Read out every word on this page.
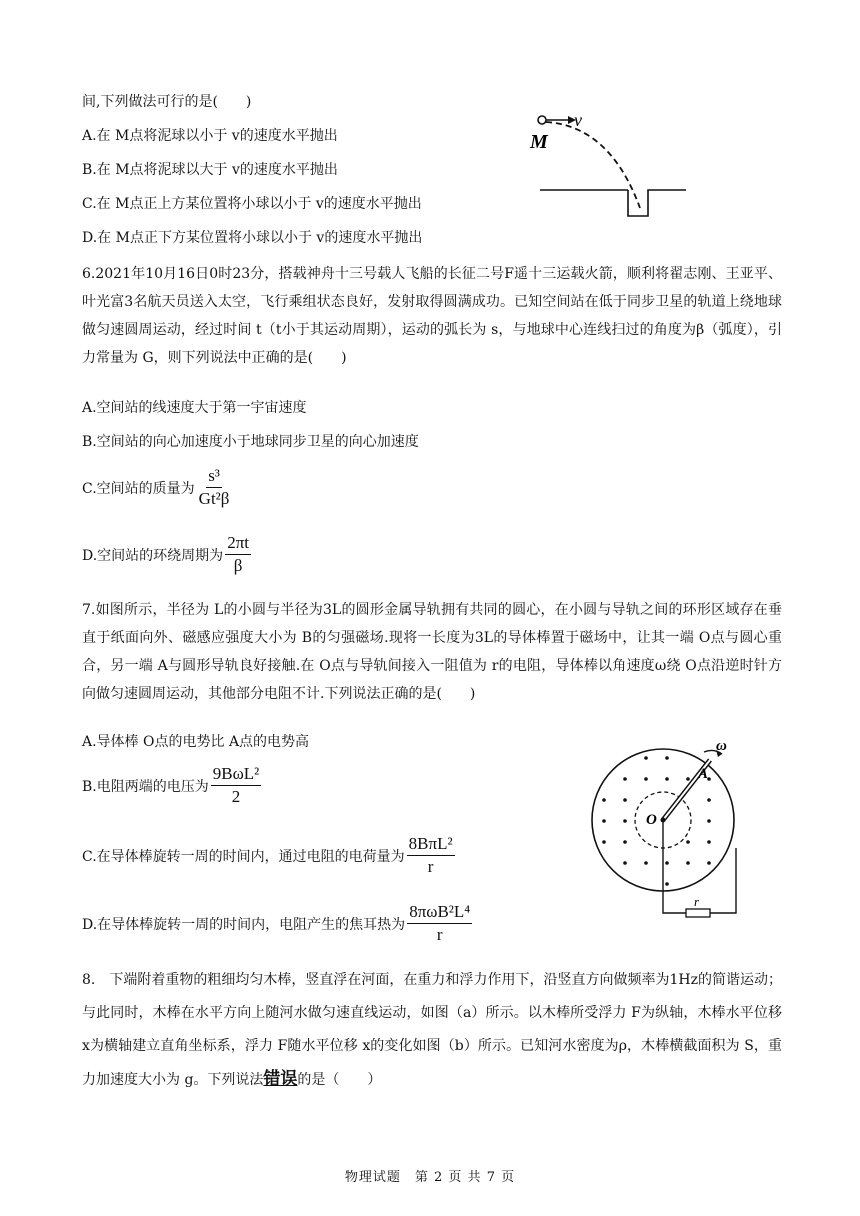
间,下列做法可行的是(　　)
A.在 M点将泥球以小于 v的速度水平抛出
B.在 M点将泥球以大于 v的速度水平抛出
C.在 M点正上方某位置将小球以小于 v的速度水平抛出
D.在 M点正下方某位置将小球以小于 v的速度水平抛出
M
v
6.2021年10月16日0时23分，搭载神舟十三号载人飞船的长征二号F遥十三运载火箭，顺利将翟志刚、王亚平、叶光富3名航天员送入太空，飞行乘组状态良好，发射取得圆满成功。已知空间站在低于同步卫星的轨道上绕地球做匀速圆周运动，经过时间 t（t小于其运动周期），运动的弧长为 s，与地球中心连线扫过的角度为β（弧度），引力常量为 G，则下列说法中正确的是(　　)
A.空间站的线速度大于第一宇宙速度
B.空间站的向心加速度小于地球同步卫星的向心加速度
C.空间站的质量为 $\frac{\text{s³}}{\text{Gt²β}}$
D.空间站的环绕周期为 $\frac{2\pi t}{\beta}$
7.如图所示，半径为 L的小圆与半径为3L的圆形金属导轨拥有共同的圆心，在小圆与导轨之间的环形区域存在垂直于纸面向外、磁感应强度大小为 B的匀强磁场.现将一长度为3L的导体棒置于磁场中，让其一端 O点与圆心重合，另一端 A与圆形导轨良好接触.在 O点与导轨间接入一阻值为 r的电阻，导体棒以角速度ω绕 O点沿逆时针方向做匀速圆周运动，其他部分电阻不计.下列说法正确的是(　　)
A.导体棒 O点的电势比 A点的电势高
B.电阻两端的电压为 $\frac{\text{9BωL²}}{2}$
C.在导体棒旋转一周的时间内，通过电阻的电荷量为 $\frac{\text{8BπL²}}{r}$
D.在导体棒旋转一周的时间内，电阻产生的焦耳热为 $\frac{\text{8πωB²L⁴}}{r}$
ω
A
O
r
8.　下端附着重物的粗细均匀木棒，竖直浮在河面，在重力和浮力作用下，沿竖直方向做频率为1Hz的简谐运动；与此同时，木棒在水平方向上随河水做匀速直线运动，如图（a）所示。以木棒所受浮力 F为纵轴，木棒水平位移 x为横轴建立直角坐标系，浮力 F随水平位移 x的变化如图（b）所示。已知河水密度为ρ，木棒横截面积为 S，重力加速度大小为 g。下列说法错误的是（　　）
物理试题　第 2 页 共 7 页
